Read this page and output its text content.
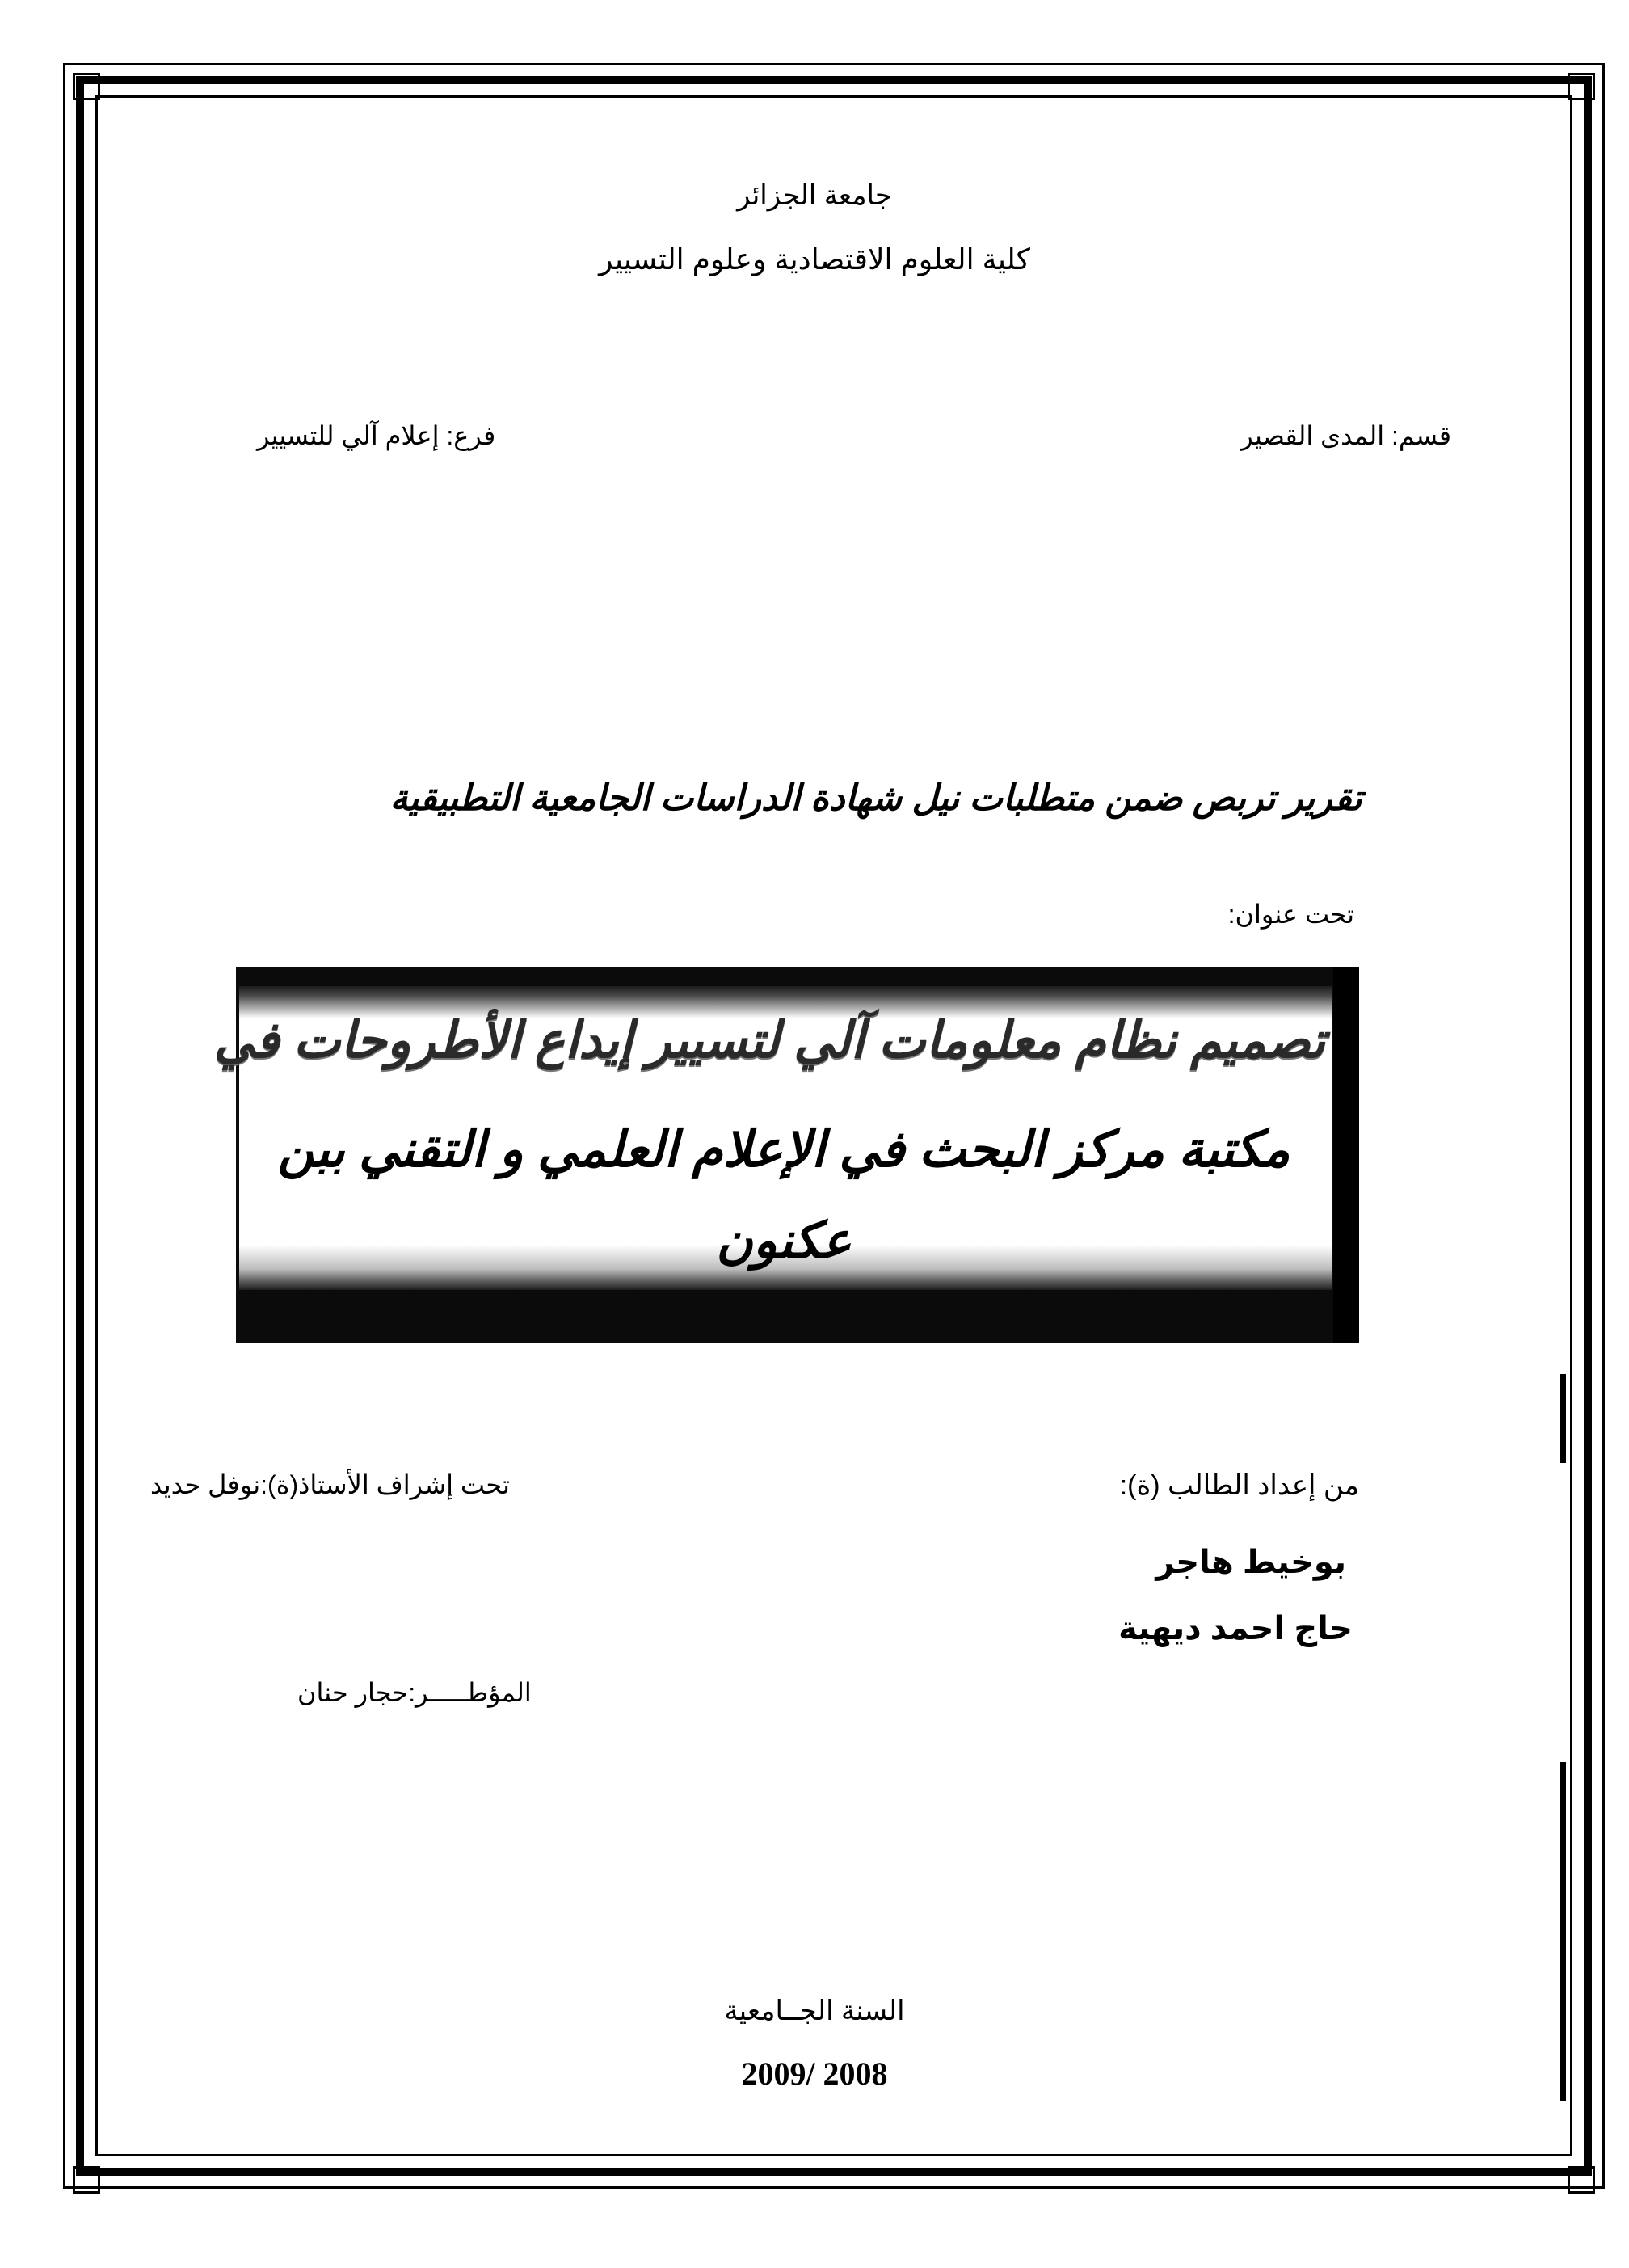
جامعة الجزائر
كلية العلوم الاقتصادية وعلوم التسيير
قسم: المدى القصير
فرع: إعلام آلي للتسيير
تقرير تربص ضمن متطلبات نيل شهادة الدراسات الجامعية التطبيقية
تحت عنوان:
تصميم نظام معلومات آلي لتسيير إيداع الأطروحات في
مكتبة مركز البحث في الإعلام العلمي و التقني ببن
عكنون
من إعداد الطالب (ة):
بوخيط هاجر
حاج احمد ديهية
تحت إشراف الأستاذ(ة):نوفل حديد
المؤطـــــر:حجار حنان
السنة الجــامعية
2009/ 2008
